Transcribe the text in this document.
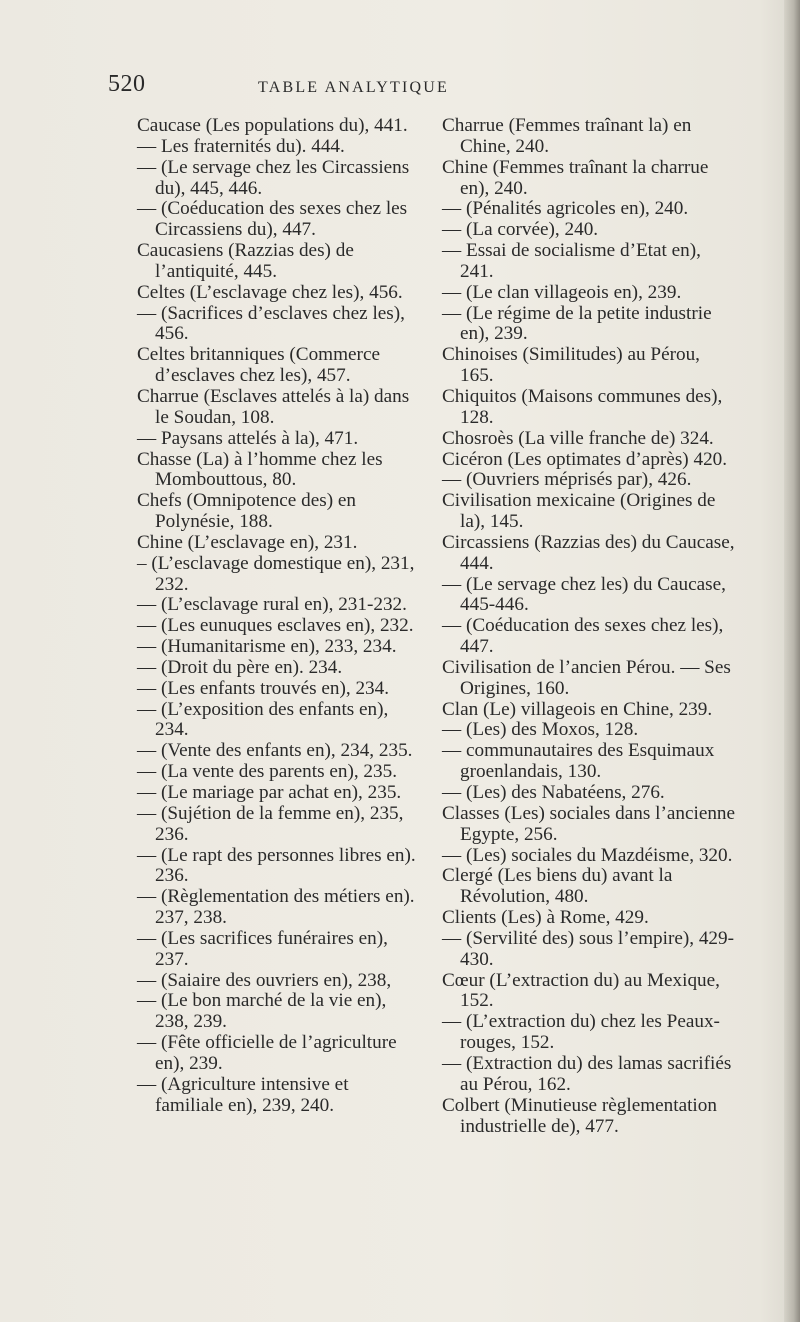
520	TABLE ANALYTIQUE

Caucase (Les populations du), 441.

— Les fraternités du). 444.

— (Le servage chez les Circassiens du), 445, 446.

— (Coéducation des sexes chez les Circassiens du), 447.

Caucasiens (Razzias des) de l’antiquité, 445.

Celtes (L’esclavage chez les), 456.

— (Sacrifices d’esclaves chez les), 456.

Celtes britanniques (Commerce d’esclaves chez les), 457.

Charrue (Esclaves attelés à la) dans le Soudan, 108.

— Paysans attelés à la), 471.

Chasse (La) à l’homme chez les Mombouttous, 80.

Chefs (Omnipotence des) en Polynésie, 188.

Chine (L’esclavage en), 231.

– (L’esclavage domestique en), 231, 232.

— (L’esclavage rural en), 231-232.

— (Les eunuques esclaves en), 232.

— (Humanitarisme en), 233, 234.

— (Droit du père en). 234.

— (Les enfants trouvés en), 234.

— (L’exposition des enfants en), 234.

— (Vente des enfants en), 234, 235.

— (La vente des parents en), 235.

— (Le mariage par achat en), 235.

— (Sujétion de la femme en), 235, 236.

— (Le rapt des personnes libres en). 236.

— (Règlementation des métiers en). 237, 238.

— (Les sacrifices funéraires en), 237.

— (Saiaire des ouvriers en), 238,

— (Le bon marché de la vie en), 238, 239.

— (Fête officielle de l’agriculture en), 239.

— (Agriculture intensive et familiale en), 239, 240.

Charrue (Femmes traînant la) en Chine, 240.

Chine (Femmes traînant la charrue en), 240.

— (Pénalités agricoles en), 240.

— (La corvée), 240.

— Essai de socialisme d’Etat en), 241.

— (Le clan villageois en), 239.

— (Le régime de la petite industrie en), 239.

Chinoises (Similitudes) au Pérou, 165.

Chiquitos (Maisons communes des), 128.

Chosroès (La ville franche de) 324.

Cicéron (Les optimates d’après) 420.

— (Ouvriers méprisés par), 426.

Civilisation mexicaine (Origines de la), 145.

Circassiens (Razzias des) du Caucase, 444.

— (Le servage chez les) du Caucase, 445-446.

— (Coéducation des sexes chez les), 447.

Civilisation de l’ancien Pérou. — Ses Origines, 160.

Clan (Le) villageois en Chine, 239.

— (Les) des Moxos, 128.

— communautaires des Esquimaux groenlandais, 130.

— (Les) des Nabatéens, 276.

Classes (Les) sociales dans l’ancienne Egypte, 256.

— (Les) sociales du Mazdéisme, 320.

Clergé (Les biens du) avant la Révolution, 480.

Clients (Les) à Rome, 429.

— (Servilité des) sous l’empire), 429-430.

Cœur (L’extraction du) au Mexique, 152.

— (L’extraction du) chez les Peaux-rouges, 152.

— (Extraction du) des lamas sacrifiés au Pérou, 162.

Colbert (Minutieuse règlementation industrielle de), 477.
